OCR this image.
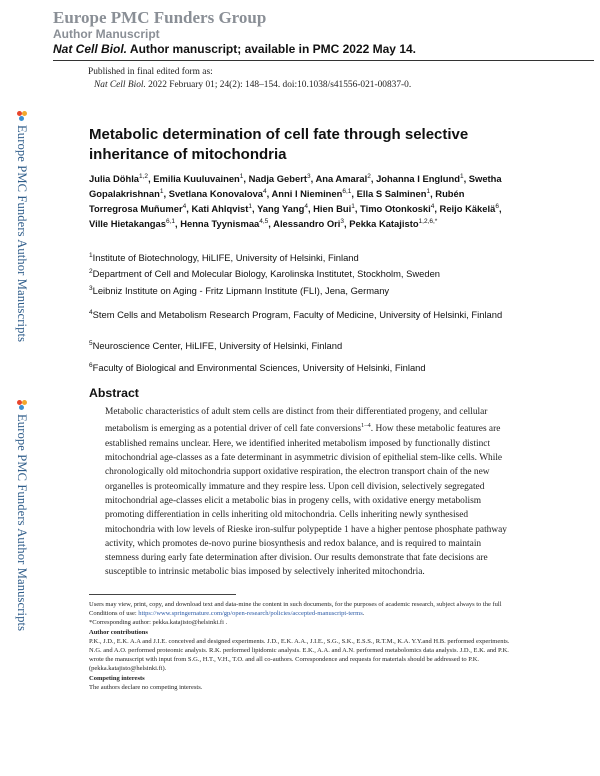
Europe PMC Funders Group
Author Manuscript
Nat Cell Biol. Author manuscript; available in PMC 2022 May 14.
Published in final edited form as:
Nat Cell Biol. 2022 February 01; 24(2): 148–154. doi:10.1038/s41556-021-00837-0.
Europe PMC Funders Author Manuscripts
Europe PMC Funders Author Manuscripts
Metabolic determination of cell fate through selective inheritance of mitochondria
Julia Döhla$^{1,2}$, Emilia Kuuluvainen$^1$, Nadja Gebert$^3$, Ana Amaral$^2$, Johanna I Englund$^1$, Swetha Gopalakrishnan$^1$, Svetlana Konovalova$^4$, Anni I Nieminen$^{6,1}$, Ella S Salminen$^1$, Rubén Torregrosa Muñumer$^4$, Kati Ahlqvist$^1$, Yang Yang$^4$, Hien Bui$^1$, Timo Otonkoski$^4$, Reijo Käkelä$^6$, Ville Hietakangas$^{6,1}$, Henna Tyynismaa$^{4,5}$, Alessandro Ori$^3$, Pekka Katajisto$^{1,2,6,*}$
$^1$Institute of Biotechnology, HiLIFE, University of Helsinki, Finland
$^2$Department of Cell and Molecular Biology, Karolinska Institutet, Stockholm, Sweden
$^3$Leibniz Institute on Aging - Fritz Lipmann Institute (FLI), Jena, Germany
$^4$Stem Cells and Metabolism Research Program, Faculty of Medicine, University of Helsinki, Finland
$^5$Neuroscience Center, HiLIFE, University of Helsinki, Finland
$^6$Faculty of Biological and Environmental Sciences, University of Helsinki, Finland
Abstract
Metabolic characteristics of adult stem cells are distinct from their differentiated progeny, and cellular metabolism is emerging as a potential driver of cell fate conversions$^{1-4}$. How these metabolic features are established remains unclear. Here, we identified inherited metabolism imposed by functionally distinct mitochondrial age-classes as a fate determinant in asymmetric division of epithelial stem-like cells. While chronologically old mitochondria support oxidative respiration, the electron transport chain of the new organelles is proteomically immature and they respire less. Upon cell division, selectively segregated mitochondrial age-classes elicit a metabolic bias in progeny cells, with oxidative energy metabolism promoting differentiation in cells inheriting old mitochondria. Cells inheriting newly synthesised mitochondria with low levels of Rieske iron-sulfur polypeptide 1 have a higher pentose phosphate pathway activity, which promotes de-novo purine biosynthesis and redox balance, and is required to maintain stemness during early fate determination after division. Our results demonstrate that fate decisions are susceptible to intrinsic metabolic bias imposed by selectively inherited mitochondria.

Users may view, print, copy, and download text and data-mine the content in such documents, for the purposes of academic research, subject always to the full Conditions of use: https://www.springernature.com/gp/open-research/policies/accepted-manuscript-terms.

*Corresponding author: pekka.katajisto@helsinki.fi .

Author contributions

P.K., J.D., E.K. A.A and J.I.E. conceived and designed experiments. J.D., E.K. A.A., J.I.E., S.G., S.K., E.S.S., R.T.M., K.A. Y.Y.and H.B. performed experiments. N.G. and A.O. performed proteomic analysis. R.K. performed lipidomic analysis. E.K., A.A. and A.N. performed metabolomics data analysis. J.D., E.K. and P.K. wrote the manuscript with input from S.G., H.T., V.H., T.O. and all co-authors. Correspondence and requests for materials should be addressed to P.K. (pekka.katajisto@helsinki.fi).

Competing interests

The authors declare no competing interests.
